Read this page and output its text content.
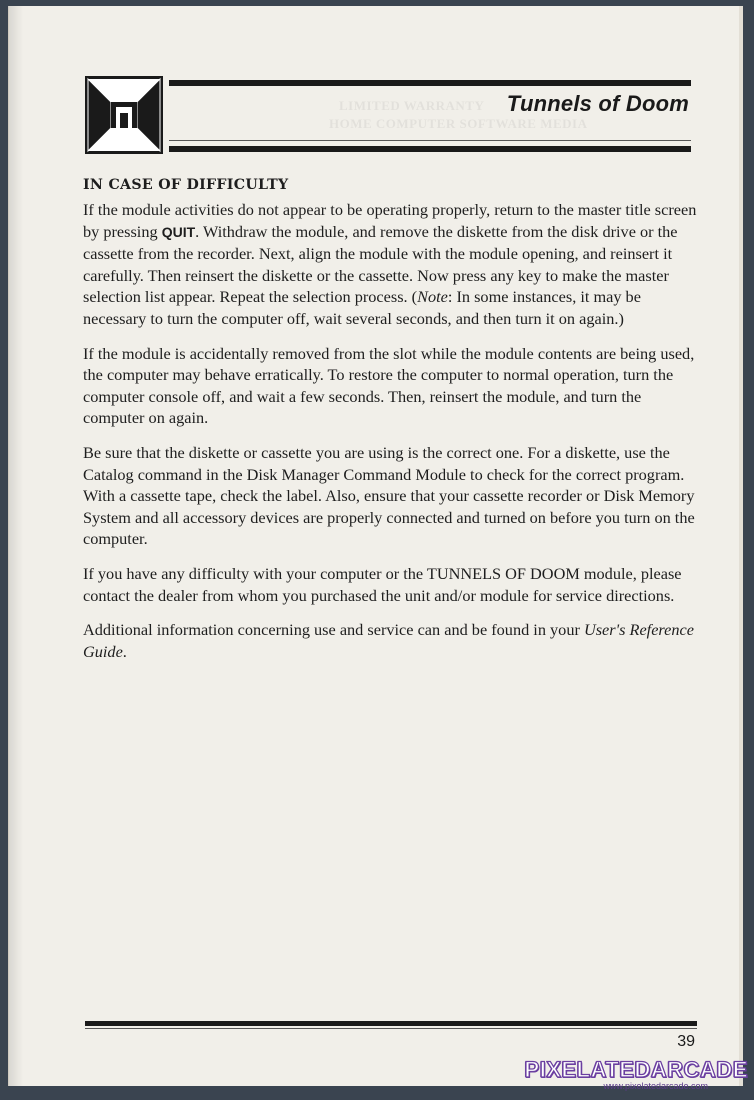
LIMITED WARRANTY
HOME COMPUTER SOFTWARE MEDIA
Tunnels of Doom
IN CASE OF DIFFICULTY

If the module activities do not appear to be operating properly, return to the master title screen by pressing QUIT. Withdraw the module, and remove the diskette from the disk drive or the cassette from the recorder. Next, align the module with the module opening, and reinsert it carefully. Then reinsert the diskette or the cassette. Now press any key to make the master selection list appear. Repeat the selection process. (Note: In some instances, it may be necessary to turn the computer off, wait several seconds, and then turn it on again.)

If the module is accidentally removed from the slot while the module contents are being used, the computer may behave erratically. To restore the computer to normal operation, turn the computer console off, and wait a few seconds. Then, reinsert the module, and turn the computer on again.

Be sure that the diskette or cassette you are using is the correct one. For a diskette, use the Catalog command in the Disk Manager Command Module to check for the correct program. With a cassette tape, check the label. Also, ensure that your cassette recorder or Disk Memory System and all accessory devices are properly connected and turned on before you turn on the computer.

If you have any difficulty with your computer or the TUNNELS OF DOOM module, please contact the dealer from whom you purchased the unit and/or module for service directions.

Additional information concerning use and service can and be found in your User's Reference Guide.

39
PIXELATEDARCADE
www.pixelatedarcade.com
